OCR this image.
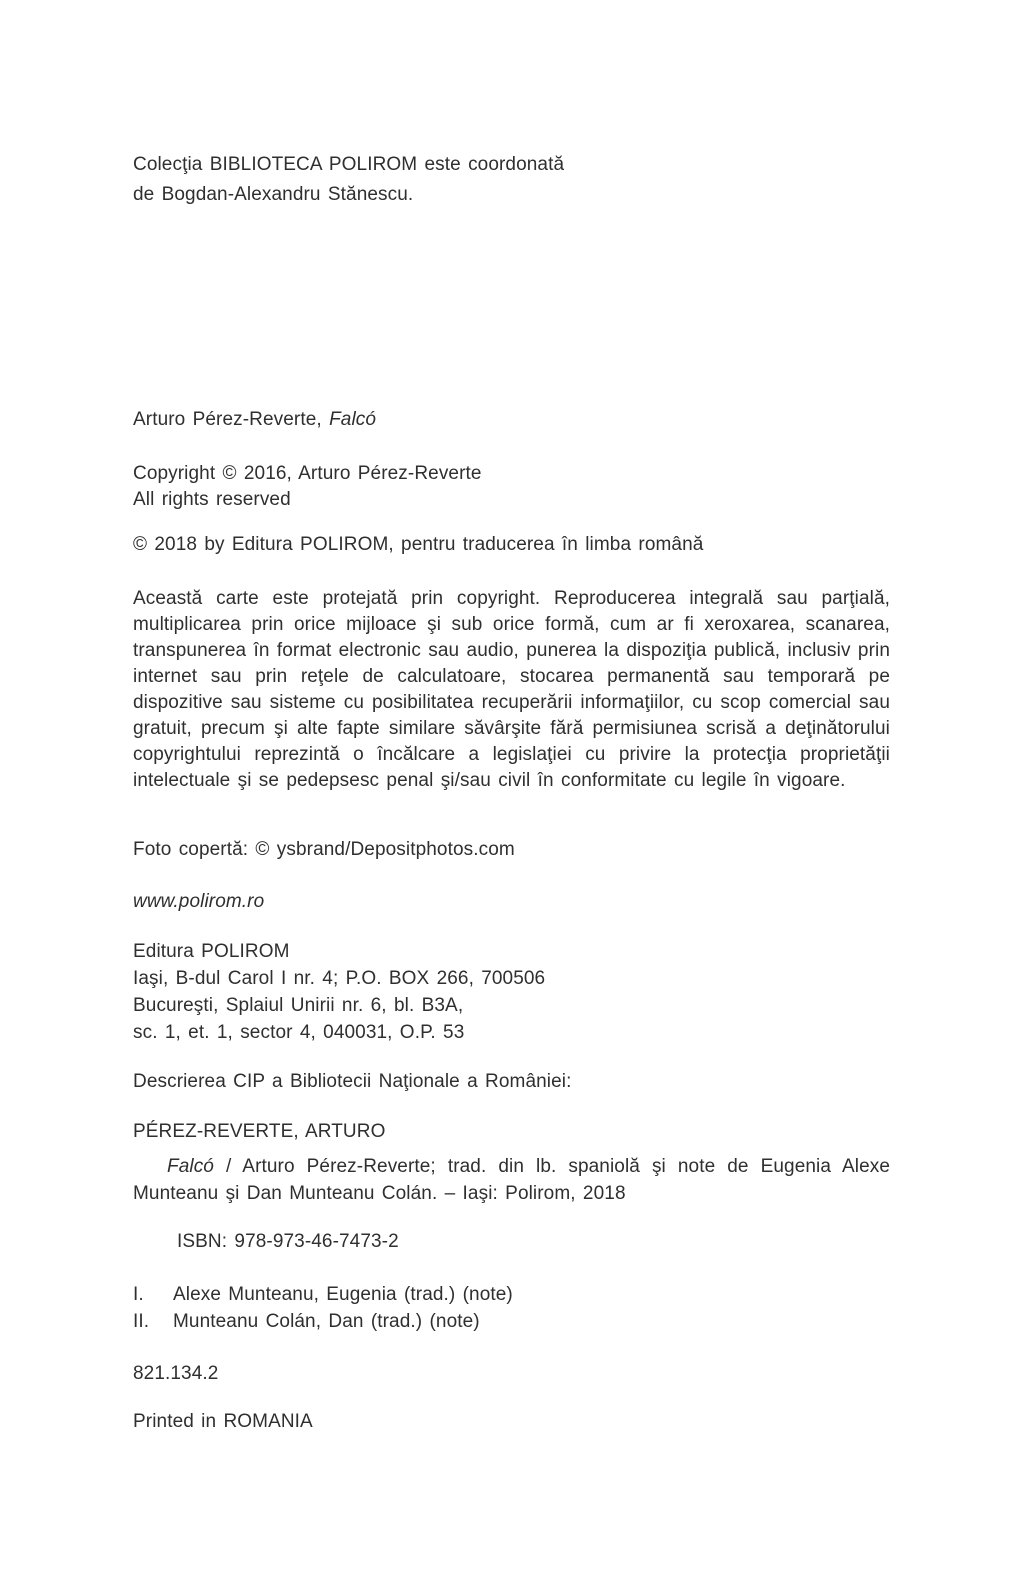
Colecţia BIBLIOTECA POLIROM este coordonată
de Bogdan-Alexandru Stănescu.
Arturo Pérez-Reverte, Falcó
Copyright © 2016, Arturo Pérez-Reverte
All rights reserved
© 2018 by Editura POLIROM, pentru traducerea în limba română
Această carte este protejată prin copyright. Reproducerea integrală sau parţială, multiplicarea prin orice mijloace şi sub orice formă, cum ar fi xeroxarea, scanarea, transpunerea în format electronic sau audio, punerea la dispoziţia publică, inclusiv prin internet sau prin reţele de calculatoare, stocarea permanentă sau temporară pe dispozitive sau sisteme cu posibilitatea recuperării informaţiilor, cu scop comercial sau gratuit, precum şi alte fapte similare săvârşite fără permisiunea scrisă a deţinătorului copyrightului reprezintă o încălcare a legislaţiei cu privire la protecţia proprietăţii intelectuale şi se pedepsesc penal şi/sau civil în conformitate cu legile în vigoare.
Foto copertă: © ysbrand/Depositphotos.com
www.polirom.ro
Editura POLIROM
Iaşi, B-dul Carol I nr. 4; P.O. BOX 266, 700506
Bucureşti, Splaiul Unirii nr. 6, bl. B3A,
sc. 1, et. 1, sector 4, 040031, O.P. 53
Descrierea CIP a Bibliotecii Naţionale a României:
PÉREZ-REVERTE, ARTURO
Falcó / Arturo Pérez-Reverte; trad. din lb. spaniolă şi note de Eugenia Alexe Munteanu şi Dan Munteanu Colán. – Iaşi: Polirom, 2018
ISBN: 978-973-46-7473-2
I.	Alexe Munteanu, Eugenia (trad.) (note)
II.	Munteanu Colán, Dan (trad.) (note)
821.134.2
Printed in ROMANIA
